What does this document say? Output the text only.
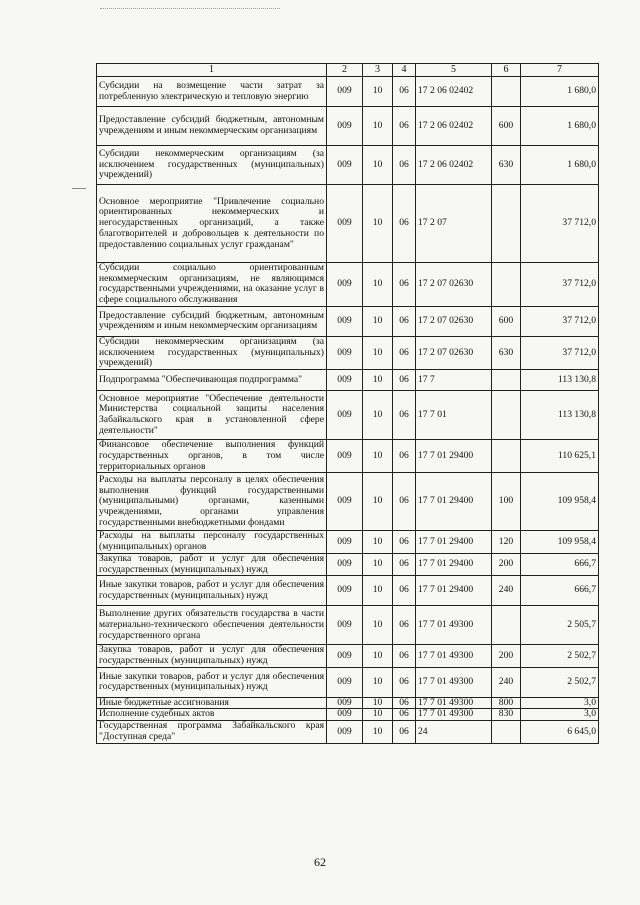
1	2	3	4	5	6	7
Субсидии на возмещение части затрат за потребленную электрическую и тепловую энергию	009	10	06	17 2 06 02402		1 680,0
Предоставление субсидий бюджетным, автономным учреждениям и иным некоммерческим организациям	009	10	06	17 2 06 02402	600	1 680,0
Субсидии некоммерческим организациям (за исключением государственных (муниципальных) учреждений)	009	10	06	17 2 06 02402	630	1 680,0
Основное мероприятие "Привлечение социально ориентированных некоммерческих и негосударственных организаций, а также благотворителей и добровольцев к деятельности по предоставлению социальных услуг гражданам"	009	10	06	17 2 07		37 712,0
Субсидии социально ориентированным некоммерческим организациям, не являющимся государственными учреждениями, на оказание услуг в сфере социального обслуживания	009	10	06	17 2 07 02630		37 712,0
Предоставление субсидий бюджетным, автономным учреждениям и иным некоммерческим организациям	009	10	06	17 2 07 02630	600	37 712,0
Субсидии некоммерческим организациям (за исключением государственных (муниципальных) учреждений)	009	10	06	17 2 07 02630	630	37 712,0
Подпрограмма "Обеспечивающая подпрограмма"	009	10	06	17 7		113 130,8
Основное мероприятие "Обеспечение деятельности Министерства социальной защиты населения Забайкальского края в установленной сфере деятельности"	009	10	06	17 7 01		113 130,8
Финансовое обеспечение выполнения функций государственных органов, в том числе территориальных органов	009	10	06	17 7 01 29400		110 625,1
Расходы на выплаты персоналу в целях обеспечения выполнения функций государственными (муниципальными) органами, казенными учреждениями, органами управления государственными внебюджетными фондами	009	10	06	17 7 01 29400	100	109 958,4
Расходы на выплаты персоналу государственных (муниципальных) органов	009	10	06	17 7 01 29400	120	109 958,4
Закупка товаров, работ и услуг для обеспечения государственных (муниципальных) нужд	009	10	06	17 7 01 29400	200	666,7
Иные закупки товаров, работ и услуг для обеспечения государственных (муниципальных) нужд	009	10	06	17 7 01 29400	240	666,7
Выполнение других обязательств государства в части материально-технического обеспечения деятельности государственного органа	009	10	06	17 7 01 49300		2 505,7
Закупка товаров, работ и услуг для обеспечения государственных (муниципальных) нужд	009	10	06	17 7 01 49300	200	2 502,7
Иные закупки товаров, работ и услуг для обеспечения государственных (муниципальных) нужд	009	10	06	17 7 01 49300	240	2 502,7
Иные бюджетные ассигнования	009	10	06	17 7 01 49300	800	3,0
Исполнение судебных актов	009	10	06	17 7 01 49300	830	3,0
Государственная программа Забайкальского края "Доступная среда"	009	10	06	24		6 645,0
62
